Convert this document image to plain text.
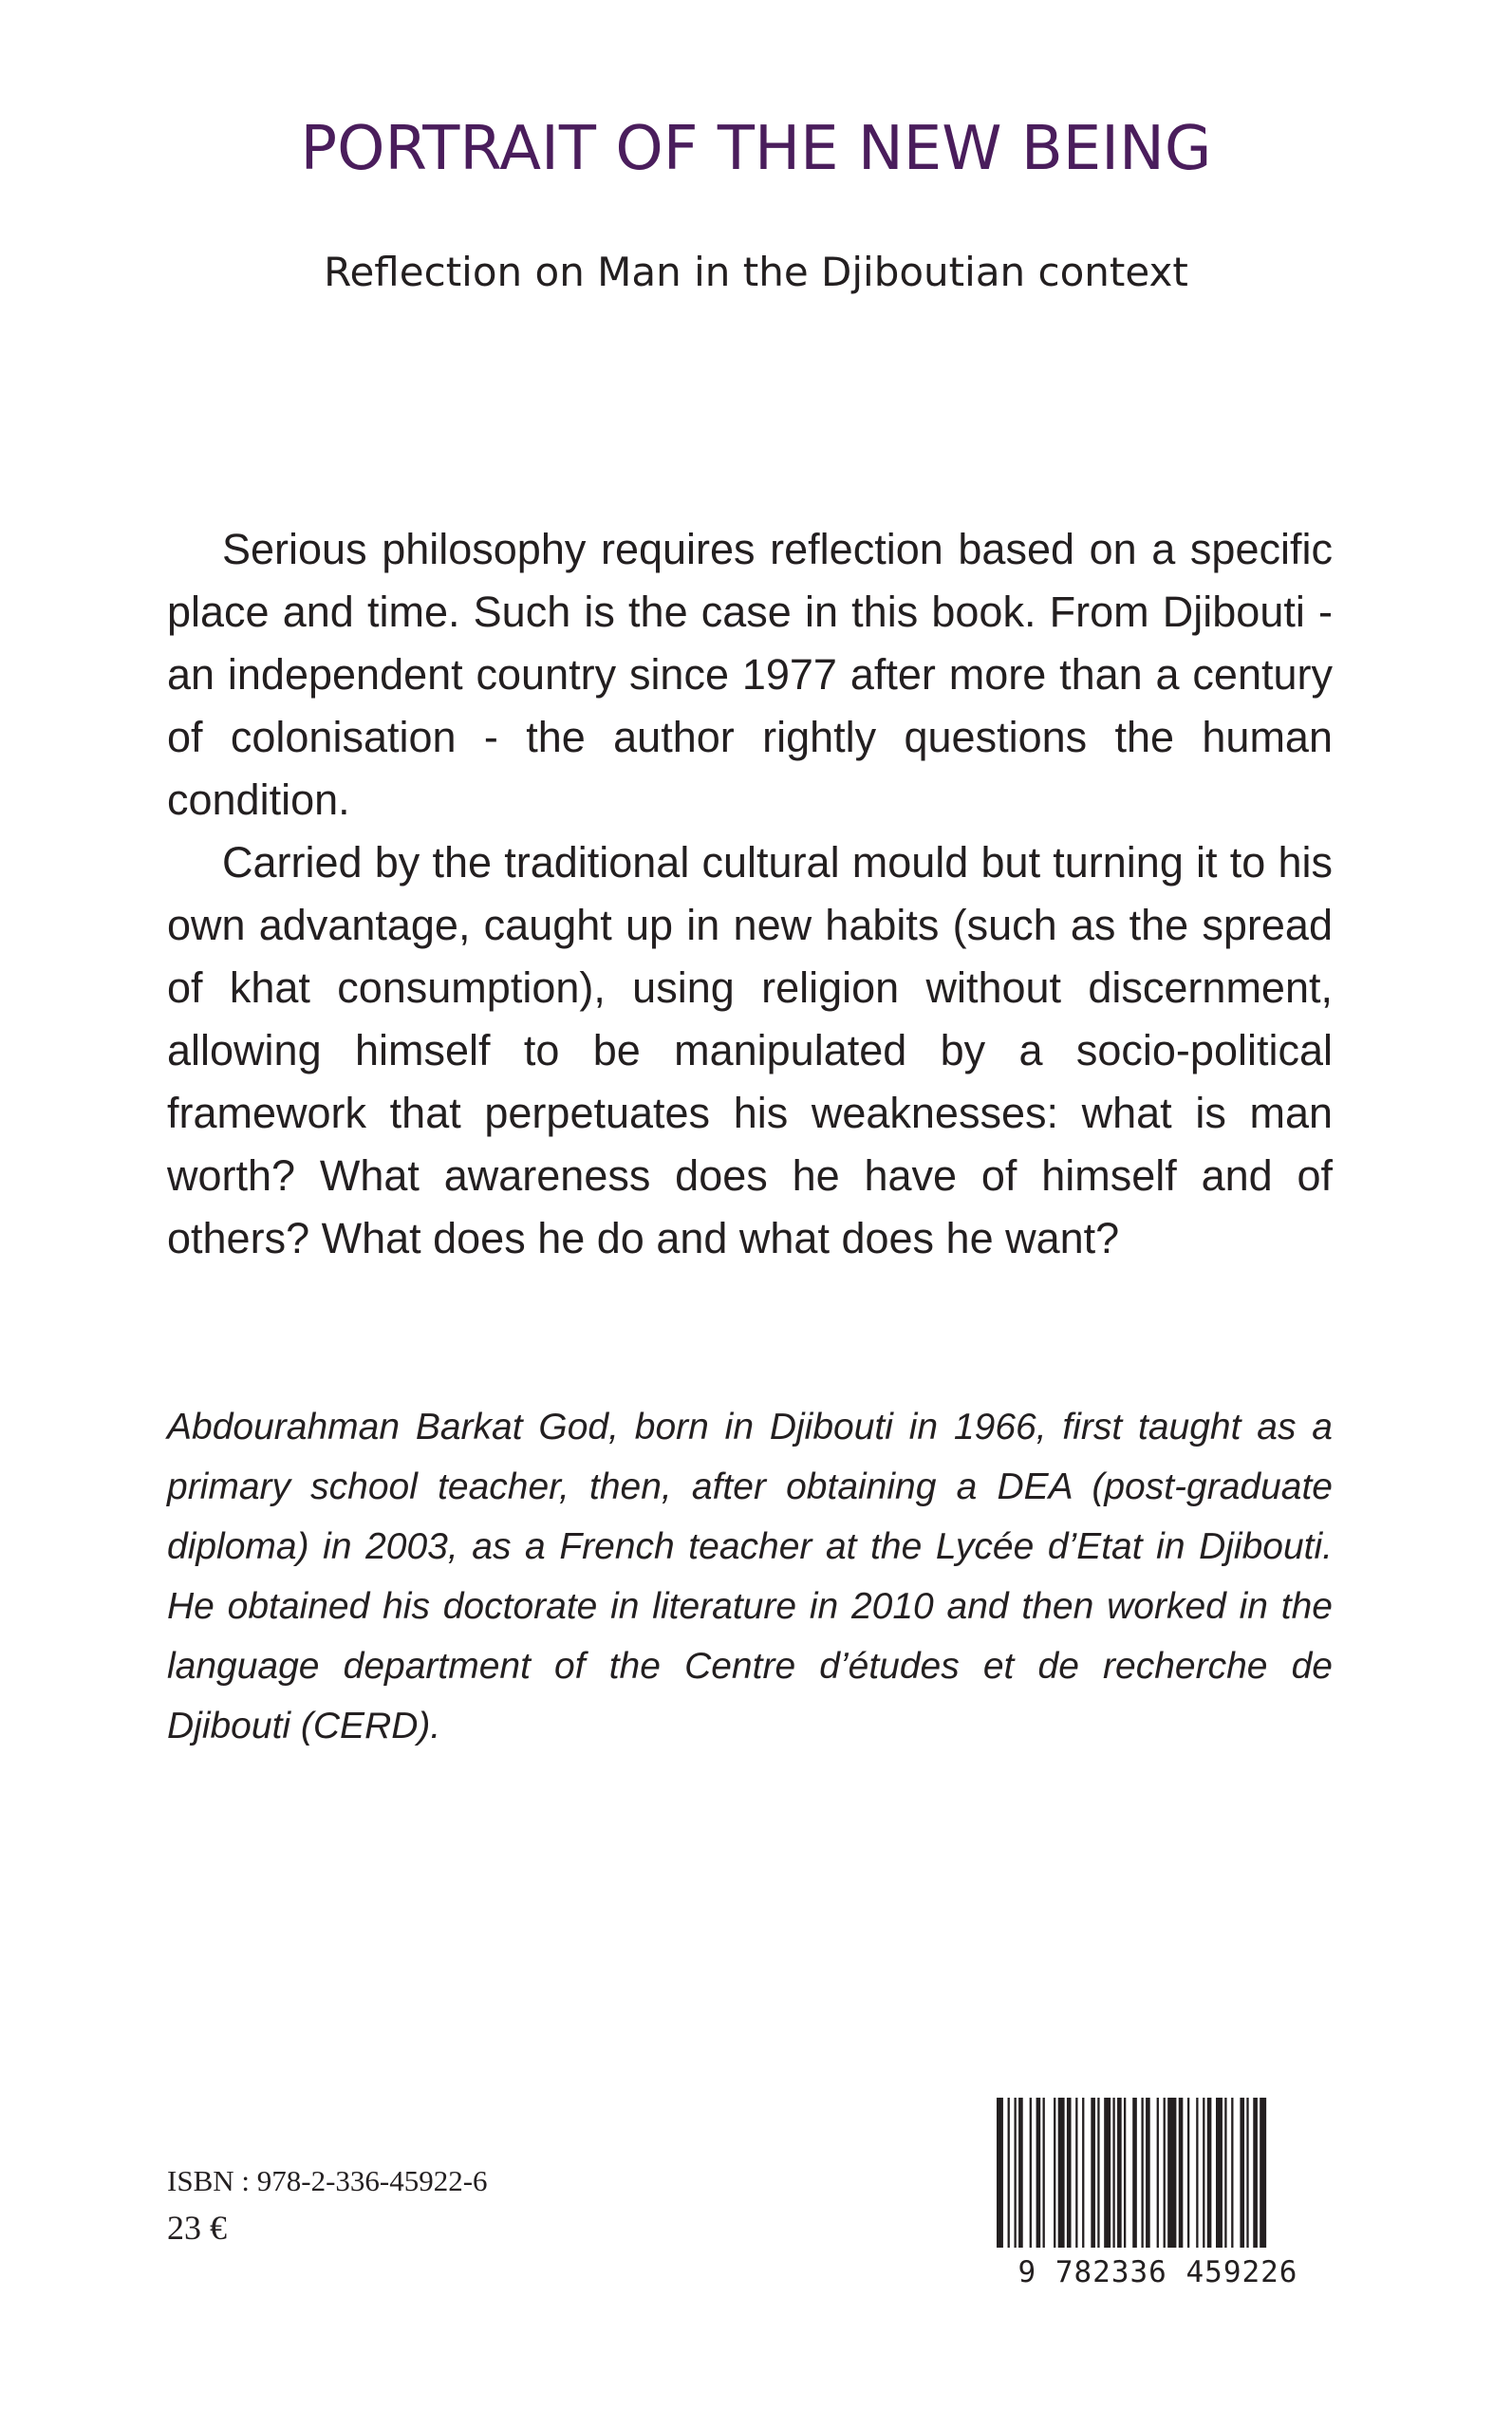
PORTRAIT OF THE NEW BEING
Reflection on Man in the Djiboutian context

Serious philosophy requires reflection based on a specific place and time. Such is the case in this book. From Djibouti - an independent country since 1977 after more than a century of colonisation - the author rightly questions the human condition.

Carried by the traditional cultural mould but turning it to his own advantage, caught up in new habits (such as the spread of khat consumption), using religion without discernment, allowing himself to be manipulated by a socio-political framework that perpetuates his weaknesses: what is man worth? What awareness does he have of himself and of others? What does he do and what does he want?

Abdourahman Barkat God, born in Djibouti in 1966, first taught as a primary school teacher, then, after obtaining a DEA (post-graduate diploma) in 2003, as a French teacher at the Lycée d’Etat in Djibouti. He obtained his doctorate in literature in 2010 and then worked in the language department of the Centre d’études et de recherche de Djibouti (CERD).

ISBN : 978-2-336-45922-6
23 €
9 782336 459226
